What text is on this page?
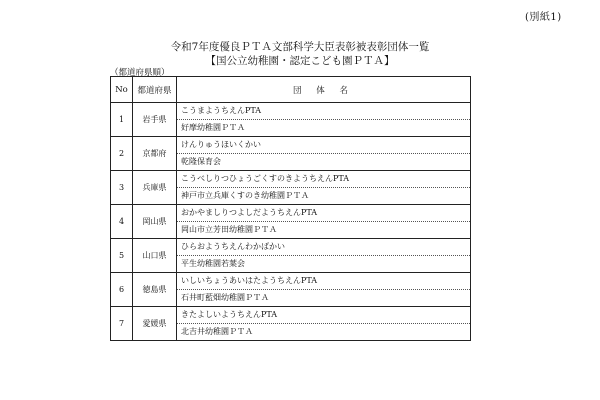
(別紙1)
令和7年度優良ＰＴＡ文部科学大臣表彰被表彰団体一覧
【国公立幼稚園・認定こども園ＰＴＡ】
（都道府県順）
No	都道府県	団 体 名
1	岩手県	こうまようちえんPTA
好摩幼稚園ＰＴＡ

2	京都府	けんりゅうほいくかい
乾隆保育会

3	兵庫県	こうべしりつひょうごくすのきようちえんPTA
神戸市立兵庫くすのき幼稚園ＰＴＡ

4	岡山県	おかやましりつよしだようちえんPTA
岡山市立芳田幼稚園ＰＴＡ

5	山口県	ひらおようちえんわかばかい
平生幼稚園若葉会

6	徳島県	いしいちょうあいはたようちえんPTA
石井町藍畑幼稚園ＰＴＡ

7	愛媛県	きたよしいようちえんPTA
北吉井幼稚園ＰＴＡ
